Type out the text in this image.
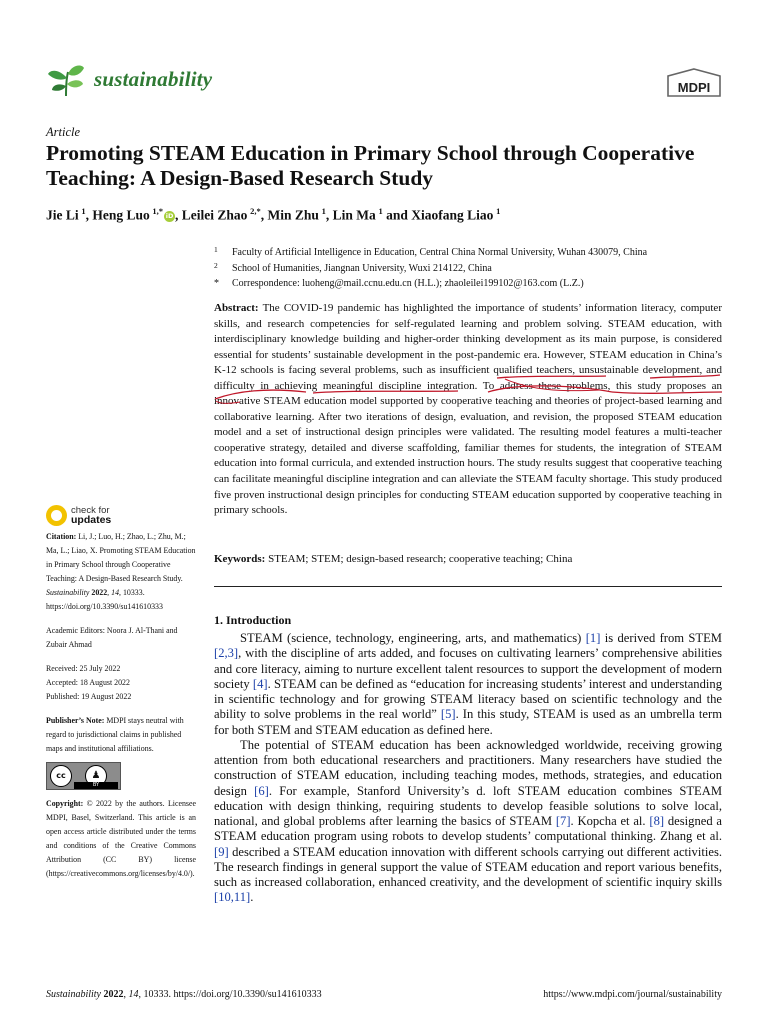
sustainability	MDPI
Article
Promoting STEAM Education in Primary School through Cooperative Teaching: A Design-Based Research Study
Jie Li  $^1$, Heng Luo  $^{1,*}$ iD , Leilei Zhao  $^{2,*}$, Min Zhu  $^1$, Lin Ma  $^1$ and Xiaofang Liao  $^1$
1 Faculty of Artificial Intelligence in Education, Central China Normal University, Wuhan 430079, China
2 School of Humanities, Jiangnan University, Wuxi 214122, China
* Correspondence: luoheng@mail.ccnu.edu.cn (H.L.); zhaoleilei199102@163.com (L.Z.)
Abstract: The COVID-19 pandemic has highlighted the importance of students’ information literacy, computer skills, and research competencies for self-regulated learning and problem solving. STEAM education, with interdisciplinary knowledge building and higher-order thinking development as its main purpose, is considered essential for students’ sustainable development in the post-pandemic era. However, STEAM education in China’s K-12 schools is facing several problems, such as insufficient qualified teachers, unsustainable development, and difficulty in achieving meaningful discipline integration. To address these problems, this study proposes an innovative STEAM education model supported by cooperative teaching and theories of project-based learning and collaborative learning. After two iterations of design, evaluation, and revision, the proposed STEAM education model and a set of instructional design principles were validated. The resulting model features a multi-teacher cooperative strategy, detailed and diverse scaffolding, familiar themes for students, the integration of STEAM education into formal curricula, and extended instruction hours. The study results suggest that cooperative teaching can facilitate meaningful discipline integration and can alleviate the STEAM faculty shortage. This study produced five proven instructional design principles for conducting STEAM education supported by cooperative teaching in primary schools.
Keywords: STEAM; STEM; design-based research; cooperative teaching; China
1. Introduction

STEAM (science, technology, engineering, arts, and mathematics) [1] is derived from STEM [2,3], with the discipline of arts added, and focuses on cultivating learners’ comprehensive abilities and core literacy, aiming to nurture excellent talent resources to support the development of modern society [4]. STEAM can be defined as “education for increasing students’ interest and understanding in scientific technology and for growing STEAM literacy based on scientific technology and the ability to solve problems in the real world” [5]. In this study, STEAM is used as an umbrella term for both STEM and STEAM education as defined here.

The potential of STEAM education has been acknowledged worldwide, receiving growing attention from both educational researchers and practitioners. Many researchers have studied the construction of STEAM education, including teaching modes, methods, strategies, and education design [6]. For example, Stanford University’s d. loft STEAM education combines STEAM education with design thinking, requiring students to develop feasible solutions to solve local, national, and global problems after learning the basics of STEAM [7]. Kopcha et al. [8] designed a STEAM education program using robots to develop students’ computational thinking. Zhang et al. [9] described a STEAM education innovation with different schools carrying out different activities. The research findings in general support the value of STEAM education and report various benefits, such as increased collaboration, enhanced creativity, and the development of scientific inquiry skills [10,11].

check for
updates

Citation: Li, J.; Luo, H.; Zhao, L.; Zhu, M.; Ma, L.; Liao, X. Promoting STEAM Education in Primary School through Cooperative Teaching: A Design-Based Research Study. Sustainability 2022, 14, 10333. https://doi.org/10.3390/su141610333

Academic Editors: Noora J. Al-Thani and Zubair Ahmad

Received: 25 July 2022

Accepted: 18 August 2022

Published: 19 August 2022

Publisher’s Note: MDPI stays neutral with regard to jurisdictional claims in published maps and institutional affiliations.

cc	♟
BY

Copyright: © 2022 by the authors. Licensee MDPI, Basel, Switzerland. This article is an open access article distributed under the terms and conditions of the Creative Commons Attribution (CC BY) license (https://creativecommons.org/licenses/by/4.0/).

Sustainability 2022, 14, 10333. https://doi.org/10.3390/su141610333	https://www.mdpi.com/journal/sustainability
